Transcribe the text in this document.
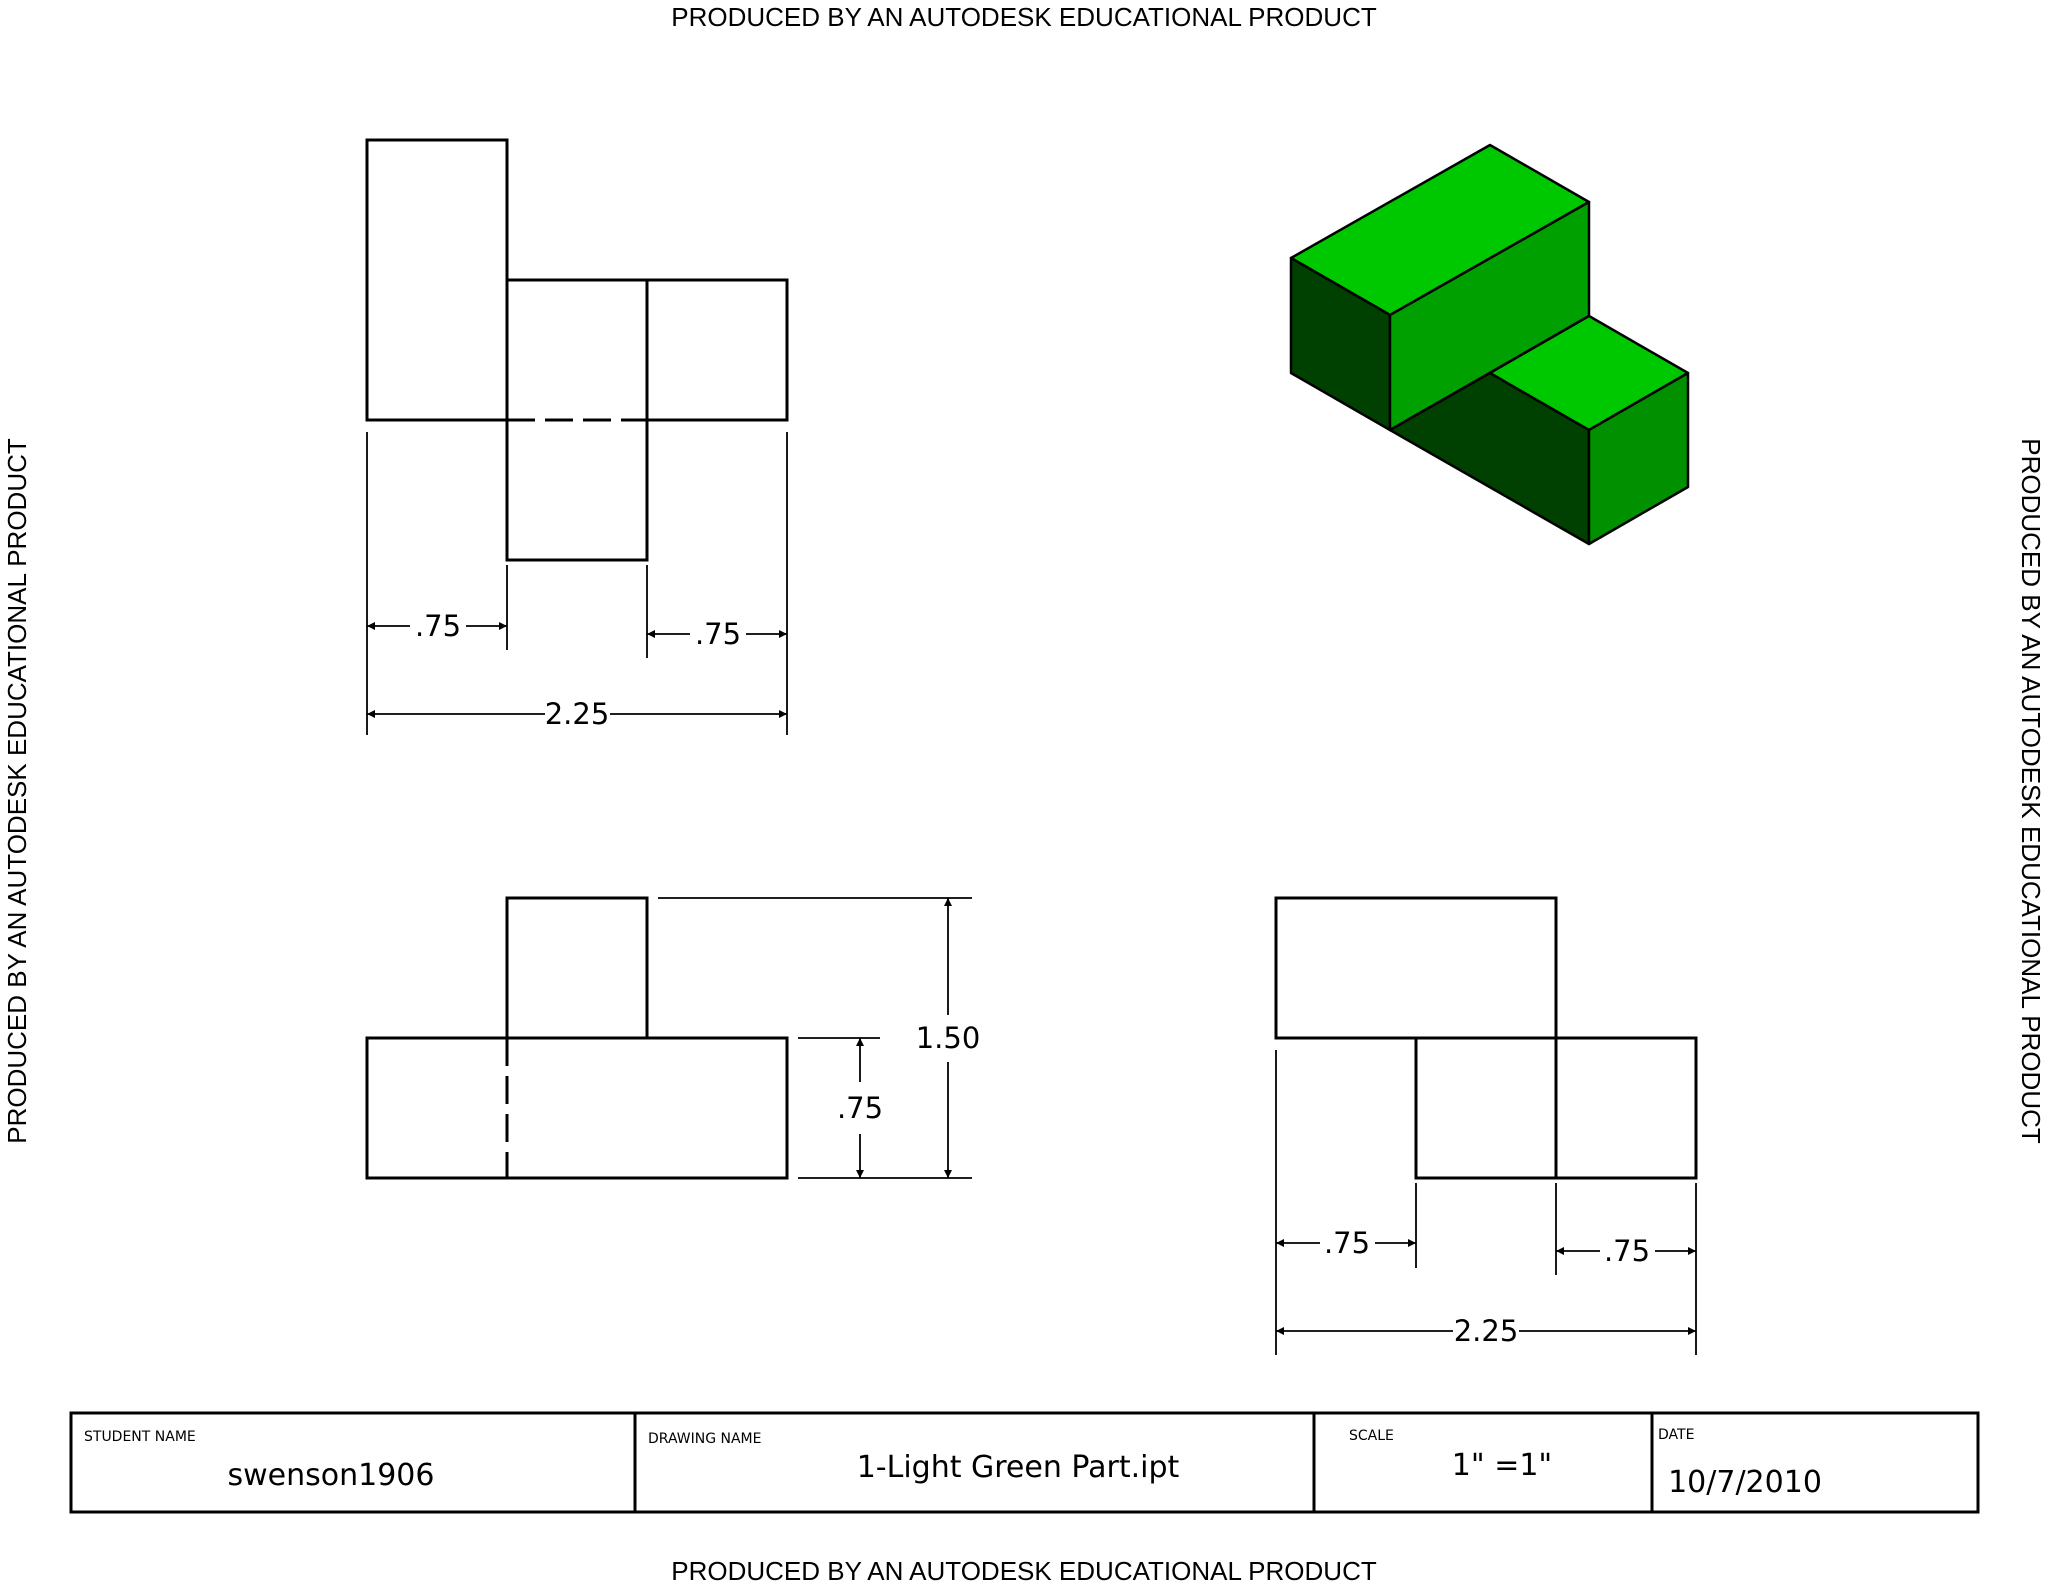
PRODUCED BY AN AUTODESK EDUCATIONAL PRODUCT
PRODUCED BY AN AUTODESK EDUCATIONAL PRODUCT
PRODUCED BY AN AUTODESK EDUCATIONAL PRODUCT	PRODUCED BY AN AUTODESK EDUCATIONAL PRODUCT
.75	.75
2.25
.75
1.50
.75	.75
2.25
STUDENT NAME
swenson1906
DRAWING NAME
1-Light Green Part.ipt
SCALE
1" =1"
DATE
10/7/2010
